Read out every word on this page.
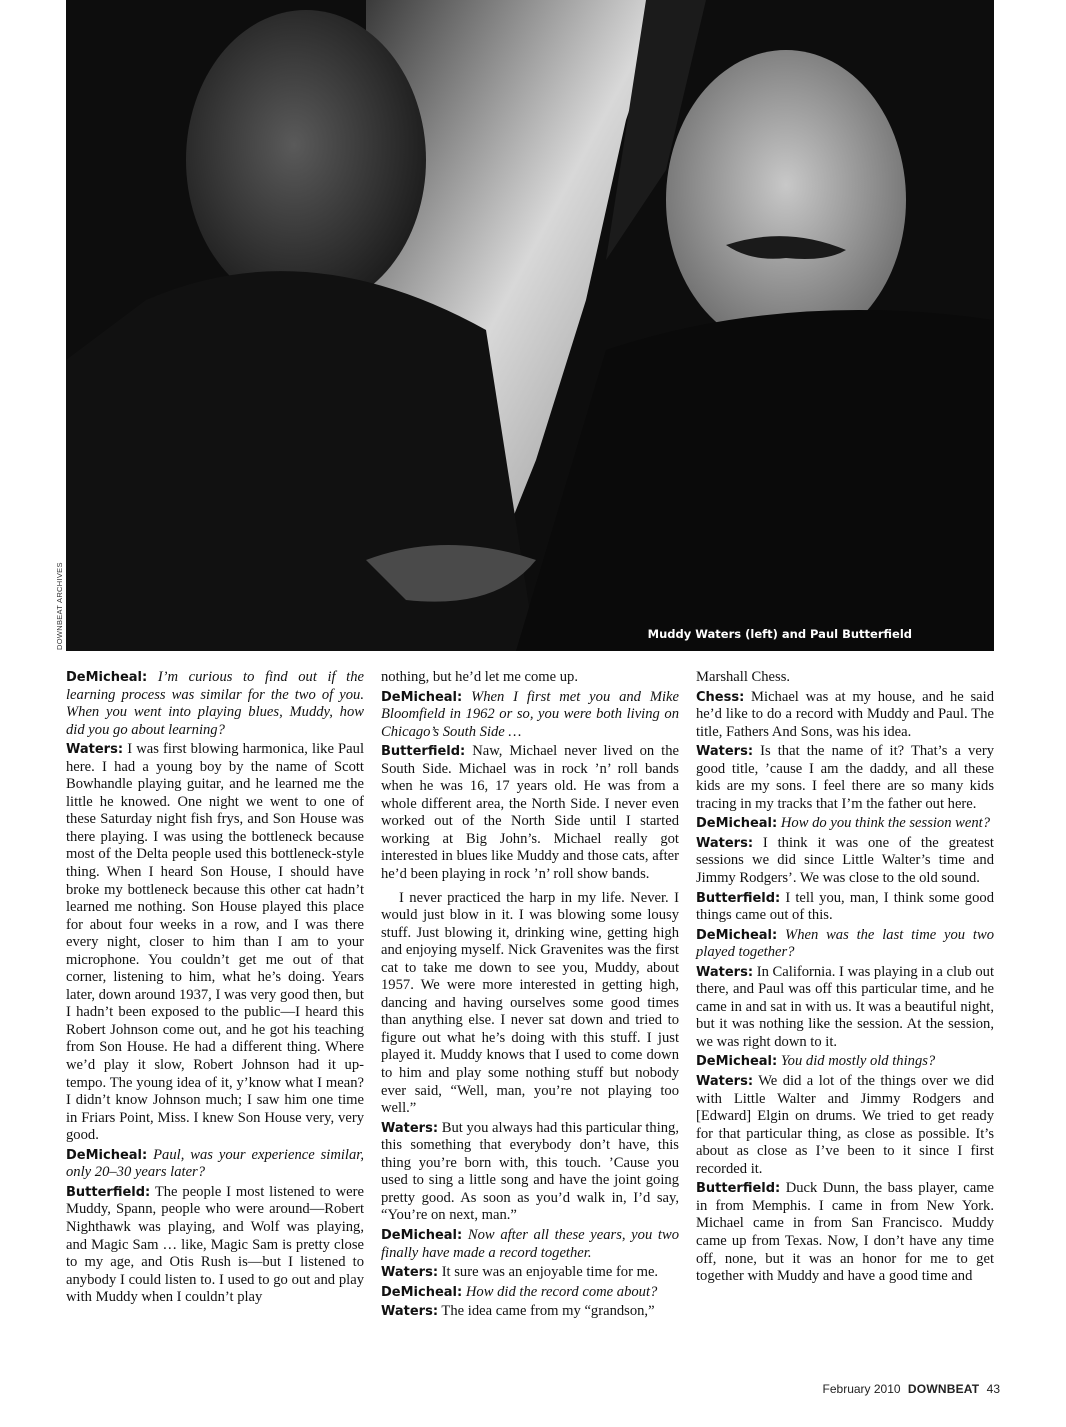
Muddy Waters (left) and Paul Butterfield
DOWNBEAT ARCHIVES

DeMicheal: I’m curious to find out if the learning process was similar for the two of you. When you went into playing blues, Muddy, how did you go about learning?

Waters: I was first blowing harmonica, like Paul here. I had a young boy by the name of Scott Bowhandle playing guitar, and he learned me the little he knowed. One night we went to one of these Saturday night fish frys, and Son House was there playing. I was using the bottleneck because most of the Delta people used this bottleneck-style thing. When I heard Son House, I should have broke my bottleneck because this other cat hadn’t learned me nothing. Son House played this place for about four weeks in a row, and I was there every night, closer to him than I am to your microphone. You couldn’t get me out of that corner, listening to him, what he’s doing. Years later, down around 1937, I was very good then, but I hadn’t been exposed to the public—I heard this Robert Johnson come out, and he got his teaching from Son House. He had a different thing. Where we’d play it slow, Robert Johnson had it up-tempo. The young idea of it, y’know what I mean? I didn’t know Johnson much; I saw him one time in Friars Point, Miss. I knew Son House very, very good.

DeMicheal: Paul, was your experience similar, only 20–30 years later?

Butterfield: The people I most listened to were Muddy, Spann, people who were around—Robert Nighthawk was playing, and Wolf was playing, and Magic Sam … like, Magic Sam is pretty close to my age, and Otis Rush is—but I listened to anybody I could listen to. I used to go out and play with Muddy when I couldn’t play

nothing, but he’d let me come up.

DeMicheal: When I first met you and Mike Bloomfield in 1962 or so, you were both living on Chicago’s South Side …

Butterfield: Naw, Michael never lived on the South Side. Michael was in rock ’n’ roll bands when he was 16, 17 years old. He was from a whole different area, the North Side. I never even worked out of the North Side until I started working at Big John’s. Michael really got interested in blues like Muddy and those cats, after he’d been playing in rock ’n’ roll show bands.

I never practiced the harp in my life. Never. I would just blow in it. I was blowing some lousy stuff. Just blowing it, drinking wine, getting high and enjoying myself. Nick Gravenites was the first cat to take me down to see you, Muddy, about 1957. We were more interested in getting high, dancing and having ourselves some good times than anything else. I never sat down and tried to figure out what he’s doing with this stuff. I just played it. Muddy knows that I used to come down to him and play some nothing stuff but nobody ever said, “Well, man, you’re not playing too well.”

Waters: But you always had this particular thing, this something that everybody don’t have, this thing you’re born with, this touch. ’Cause you used to sing a little song and have the joint going pretty good. As soon as you’d walk in, I’d say, “You’re on next, man.”

DeMicheal: Now after all these years, you two finally have made a record together.

Waters: It sure was an enjoyable time for me.

DeMicheal: How did the record come about?

Waters: The idea came from my “grandson,”

Marshall Chess.

Chess: Michael was at my house, and he said he’d like to do a record with Muddy and Paul. The title, Fathers And Sons, was his idea.

Waters: Is that the name of it? That’s a very good title, ’cause I am the daddy, and all these kids are my sons. I feel there are so many kids tracing in my tracks that I’m the father out here.

DeMicheal: How do you think the session went?

Waters: I think it was one of the greatest sessions we did since Little Walter’s time and Jimmy Rodgers’. We was close to the old sound.

Butterfield: I tell you, man, I think some good things came out of this.

DeMicheal: When was the last time you two played together?

Waters: In California. I was playing in a club out there, and Paul was off this particular time, and he came in and sat in with us. It was a beautiful night, but it was nothing like the session. At the session, we was right down to it.

DeMicheal: You did mostly old things?

Waters: We did a lot of the things over we did with Little Walter and Jimmy Rodgers and [Edward] Elgin on drums. We tried to get ready for that particular thing, as close as possible. It’s about as close as I’ve been to it since I first recorded it.

Butterfield: Duck Dunn, the bass player, came in from Memphis. I came in from New York. Michael came in from San Francisco. Muddy came up from Texas. Now, I don’t have any time off, none, but it was an honor for me to get together with Muddy and have a good time and

February 2010 DOWNBEAT 43
